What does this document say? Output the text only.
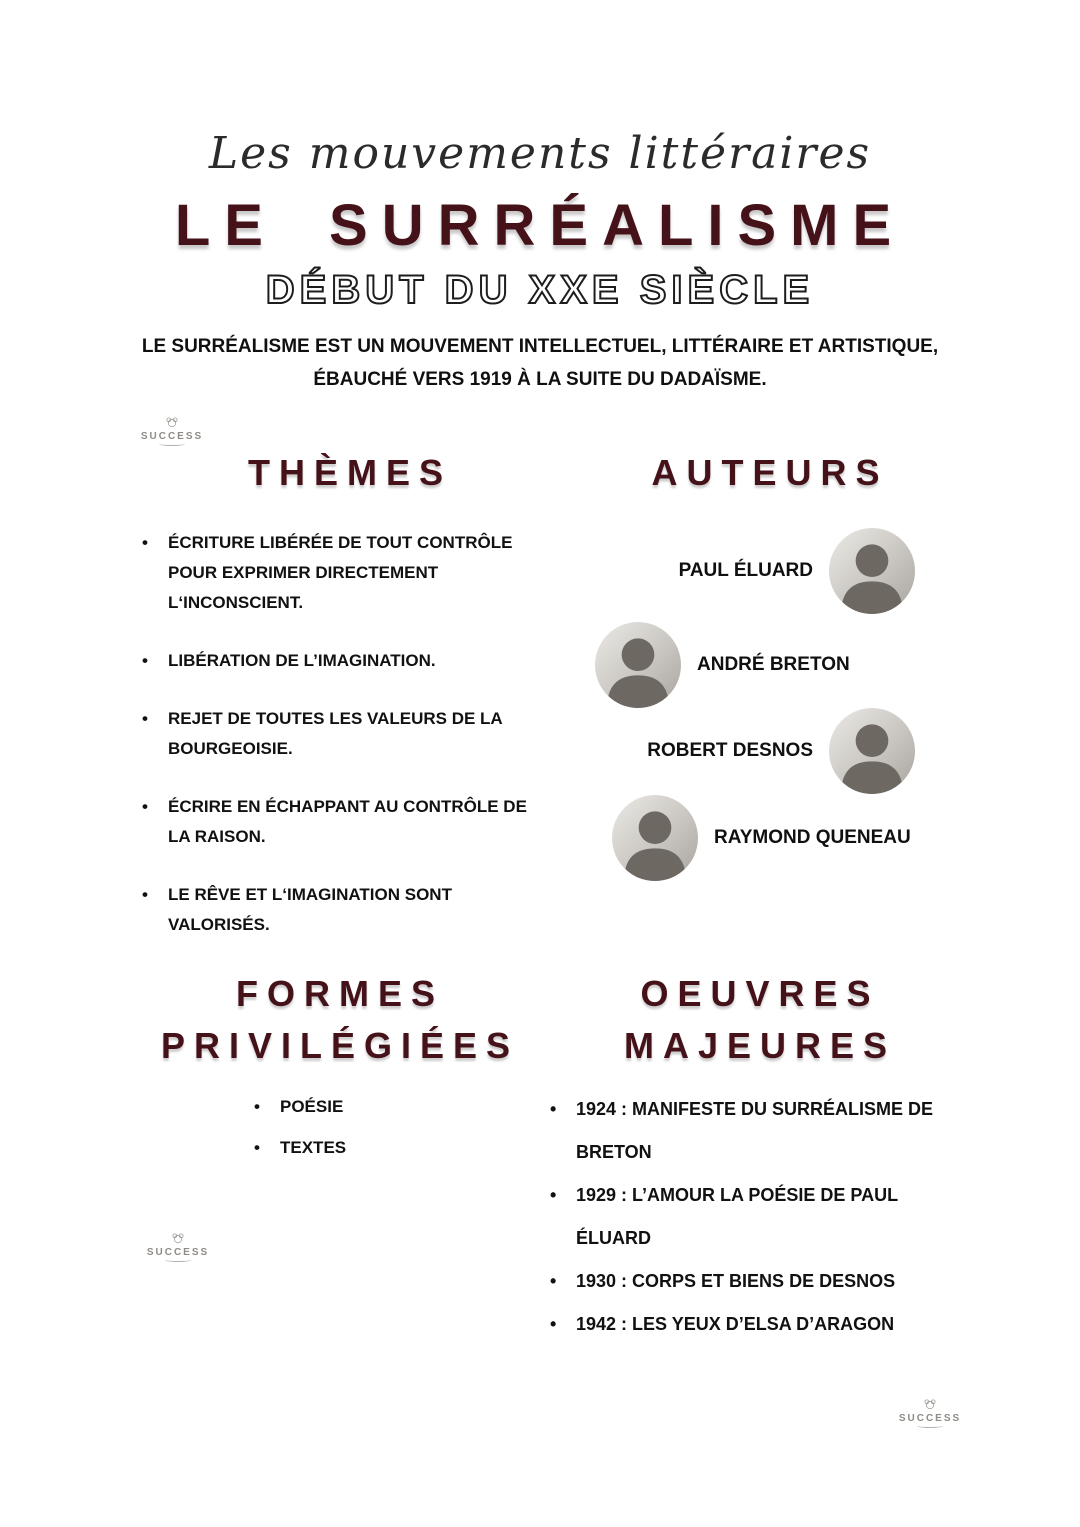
Les mouvements littéraires
LE SURRÉALISME
DÉBUT DU XXE SIÈCLE
LE SURRÉALISME EST UN MOUVEMENT INTELLECTUEL, LITTÉRAIRE ET ARTISTIQUE,
ÉBAUCHÉ VERS 1919 À LA SUITE DU DADAÏSME.
SUCCESS
THÈMES	AUTEURS
• ÉCRITURE LIBÉRÉE DE TOUT CONTRÔLE POUR EXPRIMER DIRECTEMENT L‘INCONSCIENT.
• LIBÉRATION DE L’IMAGINATION.
• REJET DE TOUTES LES VALEURS DE LA BOURGEOISIE.
• ÉCRIRE EN ÉCHAPPANT AU CONTRÔLE DE LA RAISON.
• LE RÊVE ET L‘IMAGINATION SONT VALORISÉS.
PAUL ÉLUARD
ANDRÉ BRETON
ROBERT DESNOS
RAYMOND QUENEAU
FORMES
PRIVILÉGIÉES
OEUVRES
MAJEURES
• POÉSIE
• TEXTES
• 1924 : MANIFESTE DU SURRÉALISME DE BRETON
• 1929 : L’AMOUR LA POÉSIE DE PAUL ÉLUARD
• 1930 : CORPS ET BIENS DE DESNOS
• 1942 : LES YEUX D’ELSA D’ARAGON
SUCCESS
SUCCESS
